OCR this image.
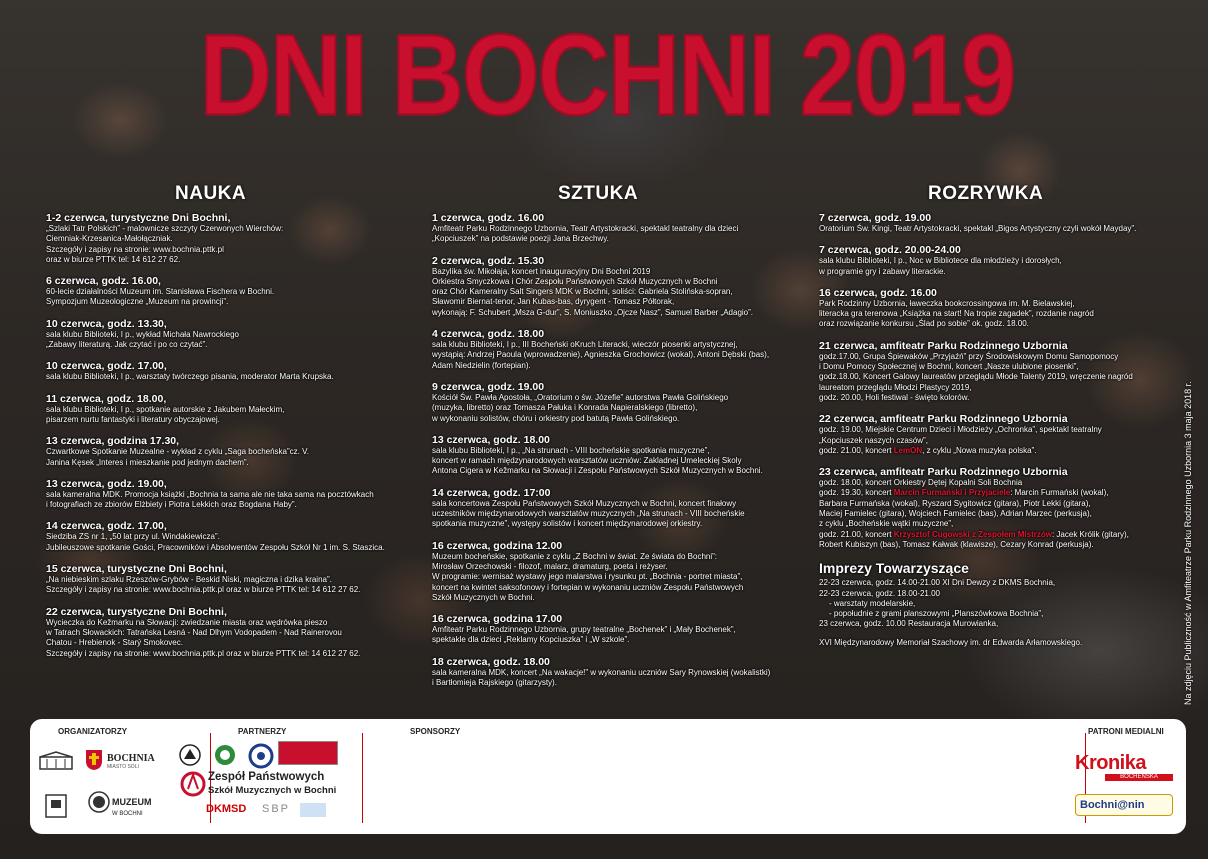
DNI BOCHNI 2019
NAUKA	SZTUKA	ROZRYWKA
1-2 czerwca, turystyczne Dni Bochni,
„Szlaki Tatr Polskich” - malownicze szczyty Czerwonych Wierchów:
Ciemniak-Krzesanica-Małołączniak.
Szczegóły i zapisy na stronie: www.bochnia.pttk.pl
oraz w biurze PTTK tel: 14 612 27 62.
6 czerwca, godz. 16.00,
60-lecie działalności Muzeum im. Stanisława Fischera w Bochni.
Sympozjum Muzeologiczne „Muzeum na prowincji”.
10 czerwca, godz. 13.30,
sala klubu Biblioteki, I p., wykład Michała Nawrockiego
„Zabawy literaturą. Jak czytać i po co czytać”.
10 czerwca, godz. 17.00,
sala klubu Biblioteki, I p., warsztaty twórczego pisania, moderator Marta Krupska.
11 czerwca, godz. 18.00,
sala klubu Biblioteki, I p., spotkanie autorskie z Jakubem Małeckim,
pisarzem nurtu fantastyki i literatury obyczajowej.
13 czerwca, godzina 17.30,
Czwartkowe Spotkanie Muzealne - wykład z cyklu „Saga bocheńska”cz. V.
Janina Kęsek „Interes i mieszkanie pod jednym dachem”.
13 czerwca, godz. 19.00,
sala kameralna MDK. Promocja książki „Bochnia ta sama ale nie taka sama na pocztówkach
i fotografiach ze zbiorów Elżbiety i Piotra Lekkich oraz Bogdana Haby”.
14 czerwca, godz. 17.00,
Siedziba ZS nr 1, „50 lat przy ul. Windakiewicza”.
Jubileuszowe spotkanie Gości, Pracowników i Absolwentów Zespołu Szkół Nr 1 im. S. Staszica.
15 czerwca, turystyczne Dni Bochni,
„Na niebieskim szlaku Rzeszów-Grybów - Beskid Niski, magiczna i dzika kraina”.
Szczegóły i zapisy na stronie: www.bochnia.pttk.pl oraz w biurze PTTK tel: 14 612 27 62.
22 czerwca, turystyczne Dni Bochni,
Wycieczka do Kežmarku na Słowacji: zwiedzanie miasta oraz wędrówka pieszo
w Tatrach Słowackich: Tatrańska Lesná - Nad Dlhym Vodopadem - Nad Rainerovou
Chatou - Hrebienok - Starý Smokovec.
Szczegóły i zapisy na stronie: www.bochnia.pttk.pl oraz w biurze PTTK tel: 14 612 27 62.
1 czerwca, godz. 16.00
Amfiteatr Parku Rodzinnego Uzbornia, Teatr Artystokracki, spektakl teatralny dla dzieci
„Kopciuszek” na podstawie poezji Jana Brzechwy.
2 czerwca, godz. 15.30
Bazylika św. Mikołaja, koncert inauguracyjny Dni Bochni 2019
Orkiestra Smyczkowa i Chór Zespołu Państwowych Szkół Muzycznych w Bochni
oraz Chór Kameralny Salt Singers MDK w Bochni, soliści: Gabriela Stolińska-sopran,
Sławomir Biernat-tenor, Jan Kubas-bas, dyrygent - Tomasz Półtorak,
wykonają: F. Schubert „Msza G-dur”, S. Moniuszko „Ojcze Nasz”, Samuel Barber „Adagio”.
4 czerwca, godz. 18.00
sala klubu Biblioteki, I p., III Bocheński oKruch Literacki, wieczór piosenki artystycznej,
wystąpią: Andrzej Paoula (wprowadzenie), Agnieszka Grochowicz (wokal), Antoni Dębski (bas),
Adam Niedzielin (fortepian).
9 czerwca, godz. 19.00
Kościół Św. Pawła Apostoła, „Oratorium o św. Józefie” autorstwa Pawła Golińskiego
(muzyka, libretto) oraz Tomasza Pałuka i Konrada Napieralskiego (libretto),
w wykonaniu solistów, chóru i orkiestry pod batutą Pawła Golińskiego.
13 czerwca, godz. 18.00
sala klubu Biblioteki, I p., „Na strunach - VIII bocheńskie spotkania muzyczne”,
koncert w ramach międzynarodowych warsztatów uczniów: Zakladnej Umeleckiej Skoly
Antona Cigera w Kežmarku na Słowacji i Zespołu Państwowych Szkół Muzycznych w Bochni.
14 czerwca, godz. 17:00
sala koncertowa Zespołu Państwowych Szkół Muzycznych w Bochni, koncert finałowy
uczestników międzynarodowych warsztatów muzycznych „Na strunach - VIII bocheńskie
spotkania muzyczne”, występy solistów i koncert międzynarodowej orkiestry.
16 czerwca, godzina 12.00
Muzeum bocheńskie, spotkanie z cyklu „Z Bochni w świat. Ze świata do Bochni”:
Mirosław Orzechowski - filozof, malarz, dramaturg, poeta i reżyser.
W programie: wernisaż wystawy jego malarstwa i rysunku pt. „Bochnia - portret miasta”,
koncert na kwintet saksofonowy i fortepian w wykonaniu uczniów Zespołu Państwowych
Szkół Muzycznych w Bochni.
16 czerwca, godzina 17.00
Amfiteatr Parku Rodzinnego Uzbornia, grupy teatralne „Bochenek” i „Mały Bochenek”,
spektakle dla dzieci „Reklamy Kopciuszka” i „W szkole”.
18 czerwca, godz. 18.00
sala kameralna MDK, koncert „Na wakacje!” w wykonaniu uczniów Sary Rynowskiej (wokalistki)
i Bartłomieja Rajskiego (gitarzysty).
7 czerwca, godz. 19.00
Oratorium Św. Kingi, Teatr Artystokracki, spektakl „Bigos Artystyczny czyli wokół Mayday”.
7 czerwca, godz. 20.00-24.00
sala klubu Biblioteki, I p., Noc w Bibliotece dla młodzieży i dorosłych,
w programie gry i zabawy literackie.
16 czerwca, godz. 16.00
Park Rodzinny Uzbornia, ławeczka bookcrossingowa im. M. Bielawskiej,
literacka gra terenowa „Książka na start! Na tropie zagadek”, rozdanie nagród
oraz rozwiązanie konkursu „Ślad po sobie” ok. godz. 18.00.
21 czerwca, amfiteatr Parku Rodzinnego Uzbornia
godz.17.00, Grupa Śpiewaków „Przyjaźń” przy Środowiskowym Domu Samopomocy
i Domu Pomocy Społecznej w Bochni, koncert „Nasze ulubione piosenki”,
godz.18.00, Koncert Galowy laureatów przeglądu Młode Talenty 2019, wręczenie nagród
laureatom przeglądu Młodzi Plastycy 2019,
godz. 20.00, Holi festiwal - święto kolorów.
22 czerwca, amfiteatr Parku Rodzinnego Uzbornia
godz. 19.00, Miejskie Centrum Dzieci i Młodzieży „Ochronka”, spektakl teatralny
„Kopciuszek naszych czasów”,
godz. 21.00, koncert LemON, z cyklu „Nowa muzyka polska”.
23 czerwca, amfiteatr Parku Rodzinnego Uzbornia
godz. 18.00, koncert Orkiestry Dętej Kopalni Soli Bochnia
godz. 19.30, koncert Marcin Furmański i Przyjaciele: Marcin Furmański (wokal),
Barbara Furmańska (wokal), Ryszard Sygitowicz (gitara), Piotr Lekki (gitara),
Maciej Famielec (gitara), Wojciech Famielec (bas), Adrian Marzec (perkusja),
z cyklu „Bocheńskie wątki muzyczne”,
godz. 21.00, koncert Krzysztof Cugowski z Zespołem Mistrzów: Jacek Królik (gitary),
Robert Kubiszyn (bas), Tomasz Kałwak (klawisze), Cezary Konrad (perkusja).
Imprezy Towarzyszące
22-23 czerwca, godz. 14.00-21.00 XI Dni Dewzy z DKMS Bochnia,
22-23 czerwca, godz. 18.00-21.00
- warsztaty modelarskie,
- popołudnie z grami planszowymi „Planszówkowa Bochnia”,
23 czerwca, godz. 10.00 Restauracja Murowianka,
XVI Międzynarodowy Memoriał Szachowy im. dr Edwarda Arłamowskiego.	Na zdjęciu Publiczność w Amfiteatrze Parku Rodzinnego Uzbornia 3 maja 2018 r.
ORGANIZATORZY	PARTNERZY	SPONSORZY	PATRONI MEDIALNI
BOCHNIA
MIASTO SOLI
MUZEUM
W BOCHNI
Zespół Państwowych
Szkół Muzycznych w Bochni
DKMSD SBP
Kronika
BOCHEŃSKA
Bochni@nin
